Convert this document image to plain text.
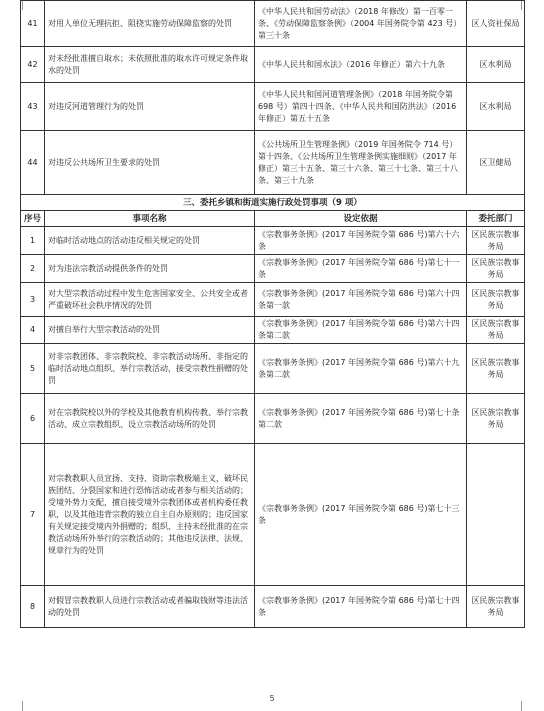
41	对用人单位无理抗拒、阻挠实施劳动保障监察的处罚	《中华人民共和国劳动法》（2018 年修改）第一百零一条、《劳动保障监察条例》（2004 年国务院令第 423 号）第三十条	区人资社保局
42	对未经批准擅自取水；未依照批准的取水许可规定条件取水的处罚	《中华人民共和国水法》（2016 年修正）第六十九条	区水利局
43	对违反河道管理行为的处罚	《中华人民共和国河道管理条例》（2018 年国务院令第 698 号）第四十四条、《中华人民共和国防洪法》（2016 年修正）第五十五条	区水利局
44	对违反公共场所卫生要求的处罚	《公共场所卫生管理条例》（2019 年国务院令 714 号）第十四条、《公共场所卫生管理条例实施细则》（2017 年修正）第三十五条、第三十六条、第三十七条、第三十八条、第三十九条	区卫健局
三、委托乡镇和街道实施行政处罚事项（9 项）			
序号	事项名称	设定依据	委托部门
1	对临时活动地点的活动违反相关规定的处罚	《宗教事务条例》(2017 年国务院令第 686 号)第六十六条	区民族宗教事务局
2	对为违法宗教活动提供条件的处罚	《宗教事务条例》(2017 年国务院令第 686 号)第七十一条	区民族宗教事务局
3	对大型宗教活动过程中发生危害国家安全、公共安全或者严重破坏社会秩序情况的处罚	《宗教事务条例》(2017 年国务院令第 686 号)第六十四条第一款	区民族宗教事务局
4	对擅自举行大型宗教活动的处罚	《宗教事务条例》(2017 年国务院令第 686 号)第六十四条第二款	区民族宗教事务局
5	对非宗教团体、非宗教院校、非宗教活动场所、非指定的临时活动地点组织、举行宗教活动，接受宗教性捐赠的处罚	《宗教事务条例》(2017 年国务院令第 686 号)第六十九条第二款	区民族宗教事务局
6	对在宗教院校以外的学校及其他教育机构传教、举行宗教活动、成立宗教组织、设立宗教活动场所的处罚	《宗教事务条例》(2017 年国务院令第 686 号)第七十条第二款	区民族宗教事务局
7	对宗教教职人员宣扬、支持、资助宗教极端主义，破坏民族团结、分裂国家和进行恐怖活动或者参与相关活动的；受境外势力支配，擅自接受境外宗教团体或者机构委任教职，以及其他违背宗教的独立自主自办原则的；违反国家有关规定接受境内外捐赠的；组织、主持未经批准的在宗教活动场所外举行的宗教活动的；其他违反法律、法规、规章行为的处罚	《宗教事务条例》(2017 年国务院令第 686 号)第七十三条	
8	对假冒宗教教职人员进行宗教活动或者骗取钱财等违法活动的处罚	《宗教事务条例》(2017 年国务院令第 686 号)第七十四条	区民族宗教事务局
5
